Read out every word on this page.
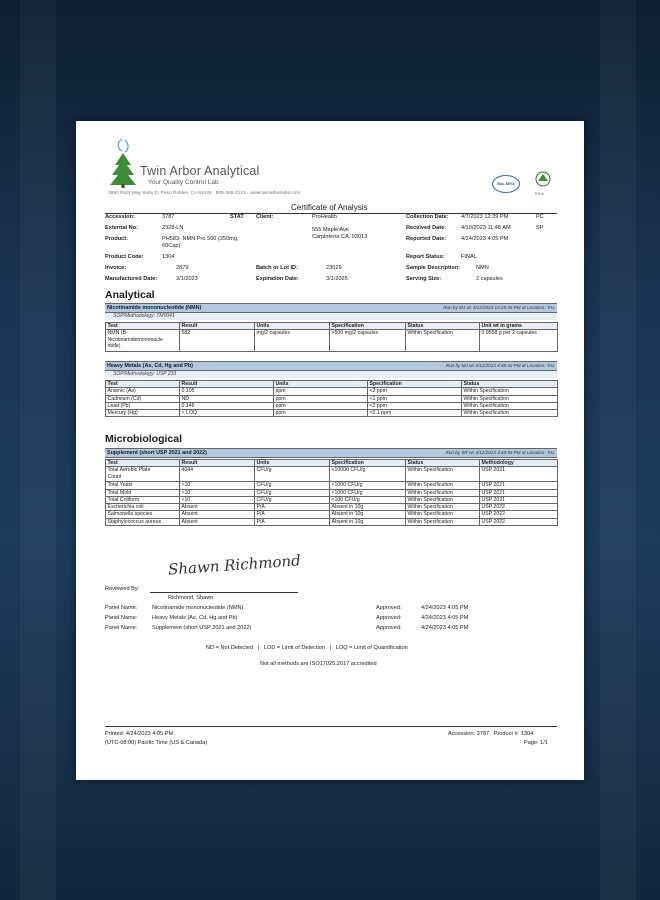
Twin Arbor Analytical
Your Quality Control Lab
3990 Ruth Way Suite D, Paso Robles, CA 93446 · 805-369-2123 · www.twinarborlabs.com
Bac-MRA
PJLA
Certificate of Analysis
Accession:	3787	STAT
External No:	2328-LN
Product:	PH583- NMN Pro 500 (250mg,
60Cap)
Product Code:	1304
Invoice:	2879
Manufactured Date:	3/1/2023
Client:	ProHealth
555 Maple Ave
Carpinteria CA, 93013
Batch or Lot ID:	23029
Expiration Date:	3/1/2025
Collection Date: 4/7/2023 12:39 PM	PC
Received Date:	4/10/2023 11:48 AM	SP
Reported Date:	4/24/2023 4:05 PM
Report Status:	FINAL
Sample Description:	NMN
Serving Size:	2 capsules
Analytical
Nicotinamide mononucleotide (NMN)	Run by MJ on 4/12/2023 12:29:36 PM at Location: TAL
SOP/Methodology: TM0041
Test	Result	Units	Specification	Status	Unit wt in grams

NMN (B-
Nicotinamidemononucle
otide)	582	mg/2 capsules	>500 mg/2 capsules	Within Specification	0.9558 g per 2 capsules
Heavy Metals (As, Cd, Hg and Pb)	Run by MJ on 4/12/2023 4:48:42 PM at Location: TAL
SOP/Methodology: USP 233
Test	Result	Units	Specification	Status
Arsenic (As)	0.105	ppm	<2 ppm	Within Specification
Cadmium (Cd)	ND	ppm	<1 ppm	Within Specification
Lead (Pb)	0.146	ppm	<2 ppm	Within Specification
Mercury (Hg)	< LOQ	ppm	<0.1 ppm	Within Specification
Microbiological
Supplement (short USP 2021 and 2022)	Run by SR on 4/12/2023 3:48:55 PM at Location: TAL
Test	Result	Units	Specification	Status	Methodology

Total Aerobic Plate
Count	4044	CFU/g	<10000 CFU/g	Within Specification	USP 2021
Total Yeast	<10	CFU/g	<1000 CFU/g	Within Specification	USP 2021
Total Mold	<10	CFU/g	<1000 CFU/g	Within Specification	USP 2021
Total Coliform	<10	CFU/g	<100 CFU/g	Within Specification	USP 2021
Escherichia coli	Absent	P/A	Absent in 10g	Within Specification	USP 2022
Salmonella species	Absent	P/A	Absent in 10g	Within Specification	USP 2022
Staphylococcus aureus	Absent	P/A	Absent in 10g	Within Specification	USP 2022
Shawn Richmond
Reviewed By:
Richmond, Shawn
Panel Name:	Nicotinamide mononucleotide (NMN)	Approved:	4/24/2023 4:05 PM
Panel Name:	Heavy Metals (As, Cd, Hg and Pb)	Approved:	4/24/2023 4:05 PM
Panel Name:	Supplement (short USP 2021 and 2022)	Approved:	4/24/2023 4:05 PM
ND = Not Detected   |   LOD = Limit of Detection   |   LOQ = Limit of Quantification
Not all methods are ISO17025:2017 accredited
Printed: 4/24/2023 4:05 PM
(UTC-08:00) Pacific Time (US & Canada)
Accession: 3787   Product #: 1304
Page: 1/1
